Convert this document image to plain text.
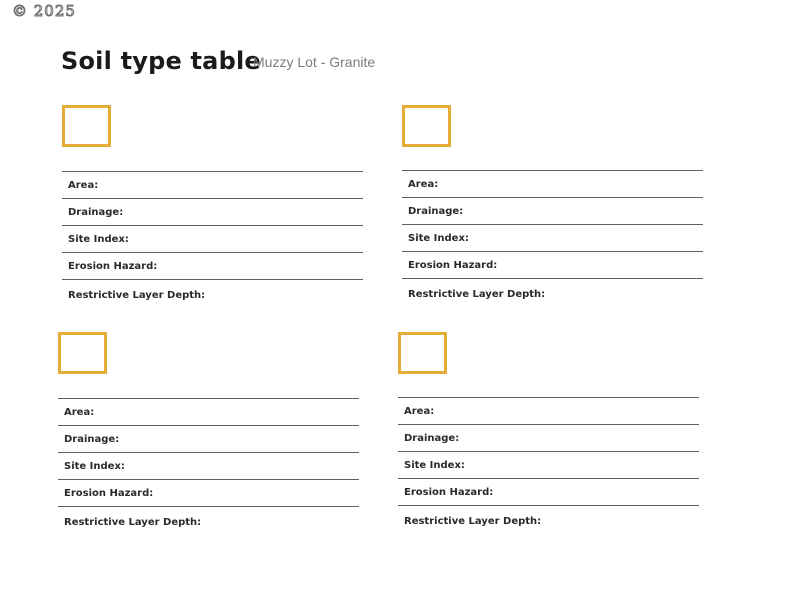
© 2025
Soil type table
Muzzy Lot - Granite
Area:
Drainage:
Site Index:
Erosion Hazard:
Restrictive Layer Depth:
Area:
Drainage:
Site Index:
Erosion Hazard:
Restrictive Layer Depth:
Area:
Drainage:
Site Index:
Erosion Hazard:
Restrictive Layer Depth:
Area:
Drainage:
Site Index:
Erosion Hazard:
Restrictive Layer Depth:
